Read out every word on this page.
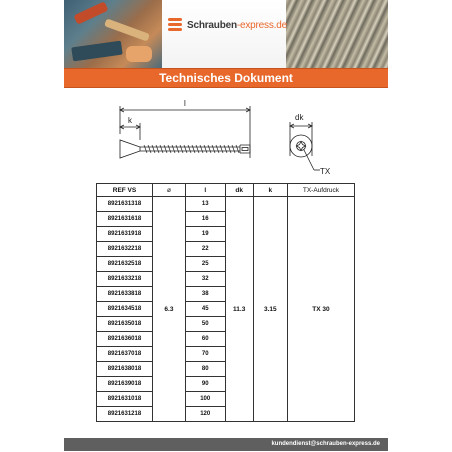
Schrauben-express.de
Technisches Dokument
l
k	dk
TX
REF VS	ø	l	dk	k	TX-Aufdruck
8921631318	6.3	13	11.3	3.15	TX 30
8921631618		16			
8921631918		19			
8921632218		22			
8921632518		25			
8921633218		32			
8921633818		38			
8921634518		45			
8921635018		50			
8921636018		60			
8921637018		70			
8921638018		80			
8921639018		90			
8921631018		100			
8921631218		120			
kundendienst@schrauben-express.de
